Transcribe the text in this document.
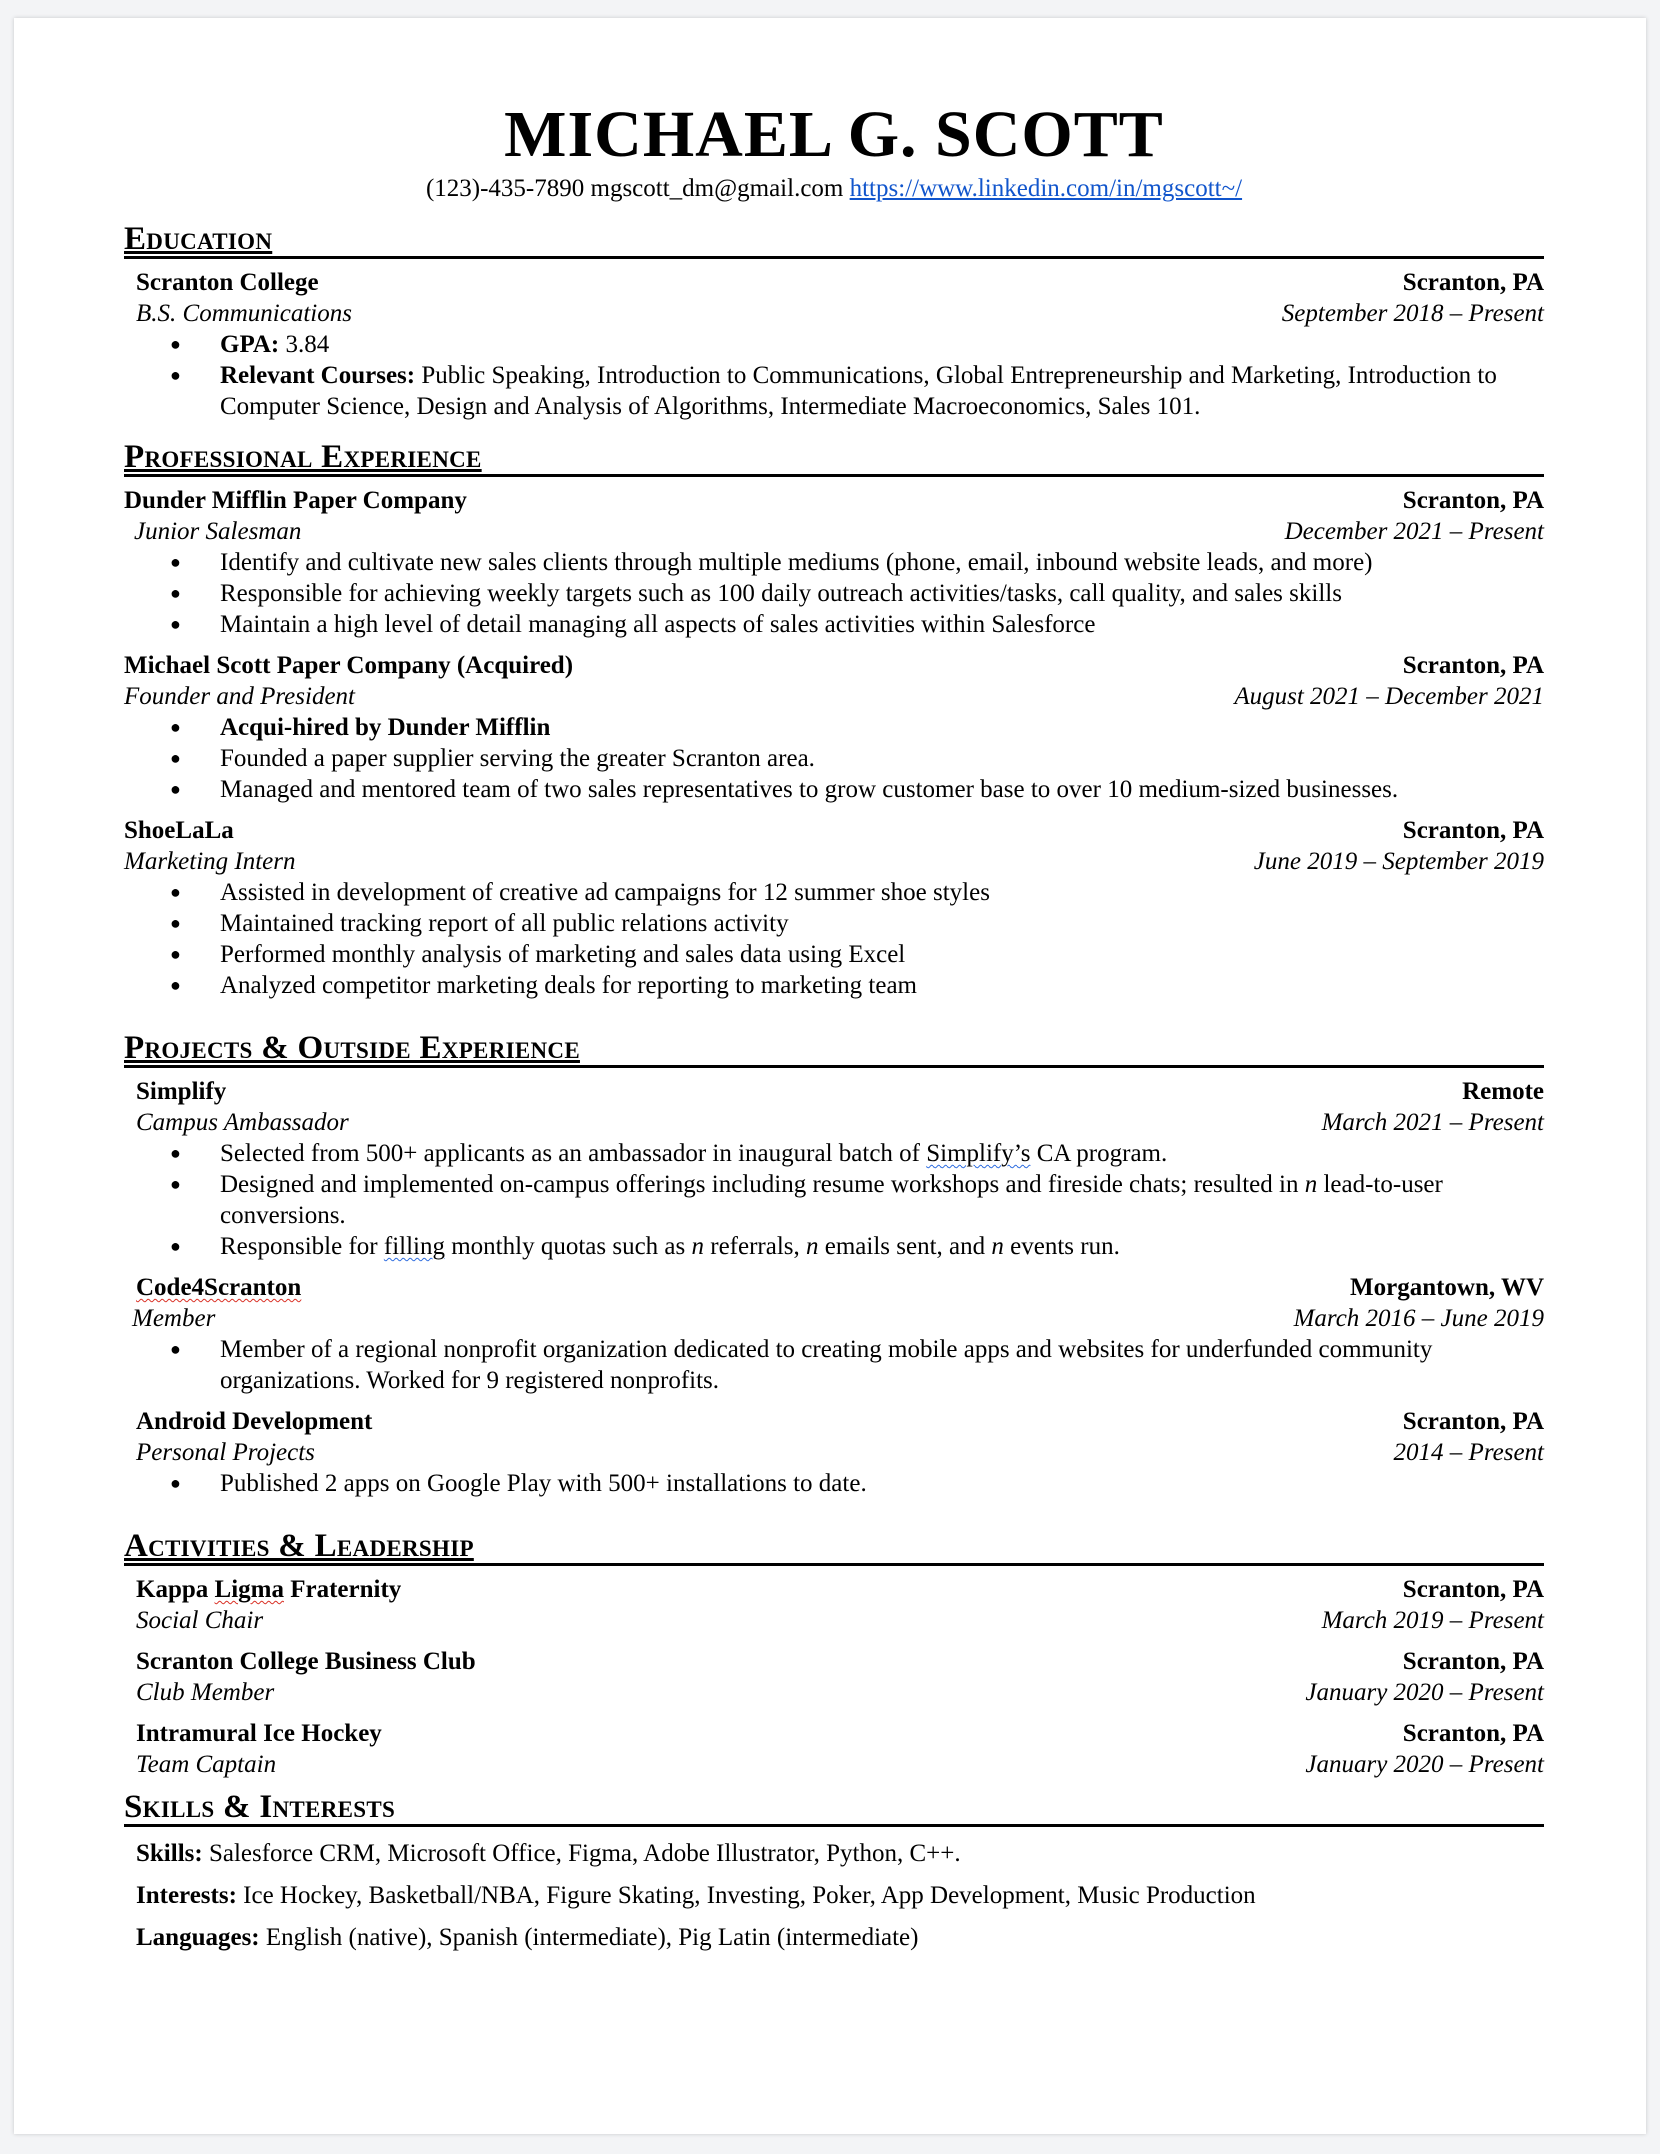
MICHAEL G. SCOTT
(123)-435-7890 mgscott_dm@gmail.com https://www.linkedin.com/in/mgscott~/
Education
Scranton College	Scranton, PA
B.S. Communications	September 2018 – Present
● GPA: 3.84
● Relevant Courses: Public Speaking, Introduction to Communications, Global Entrepreneurship and Marketing, Introduction to Computer Science, Design and Analysis of Algorithms, Intermediate Macroeconomics, Sales 101.
Professional Experience
Dunder Mifflin Paper Company	Scranton, PA
Junior Salesman	December 2021 – Present
● Identify and cultivate new sales clients through multiple mediums (phone, email, inbound website leads, and more)
● Responsible for achieving weekly targets such as 100 daily outreach activities/tasks, call quality, and sales skills
● Maintain a high level of detail managing all aspects of sales activities within Salesforce
Michael Scott Paper Company (Acquired)	Scranton, PA
Founder and President	August 2021 – December 2021
● Acqui-hired by Dunder Mifflin
● Founded a paper supplier serving the greater Scranton area.
● Managed and mentored team of two sales representatives to grow customer base to over 10 medium-sized businesses.
ShoeLaLa	Scranton, PA
Marketing Intern	June 2019 – September 2019
● Assisted in development of creative ad campaigns for 12 summer shoe styles
● Maintained tracking report of all public relations activity
● Performed monthly analysis of marketing and sales data using Excel
● Analyzed competitor marketing deals for reporting to marketing team
Projects & Outside Experience
Simplify	Remote
Campus Ambassador	March 2021 – Present
● Selected from 500+ applicants as an ambassador in inaugural batch of Simplify’s CA program.
● Designed and implemented on-campus offerings including resume workshops and fireside chats; resulted in n lead-to-user conversions.
● Responsible for filling monthly quotas such as n referrals, n emails sent, and n events run.
Code4Scranton	Morgantown, WV
Member	March 2016 – June 2019
● Member of a regional nonprofit organization dedicated to creating mobile apps and websites for underfunded community organizations. Worked for 9 registered nonprofits.
Android Development	Scranton, PA
Personal Projects	2014 – Present
● Published 2 apps on Google Play with 500+ installations to date.
Activities & Leadership
Kappa Ligma Fraternity	Scranton, PA
Social Chair	March 2019 – Present
Scranton College Business Club	Scranton, PA
Club Member	January 2020 – Present
Intramural Ice Hockey	Scranton, PA
Team Captain	January 2020 – Present
Skills & Interests
Skills: Salesforce CRM, Microsoft Office, Figma, Adobe Illustrator, Python, C++.
Interests: Ice Hockey, Basketball/NBA, Figure Skating, Investing, Poker, App Development, Music Production
Languages: English (native), Spanish (intermediate), Pig Latin (intermediate)
